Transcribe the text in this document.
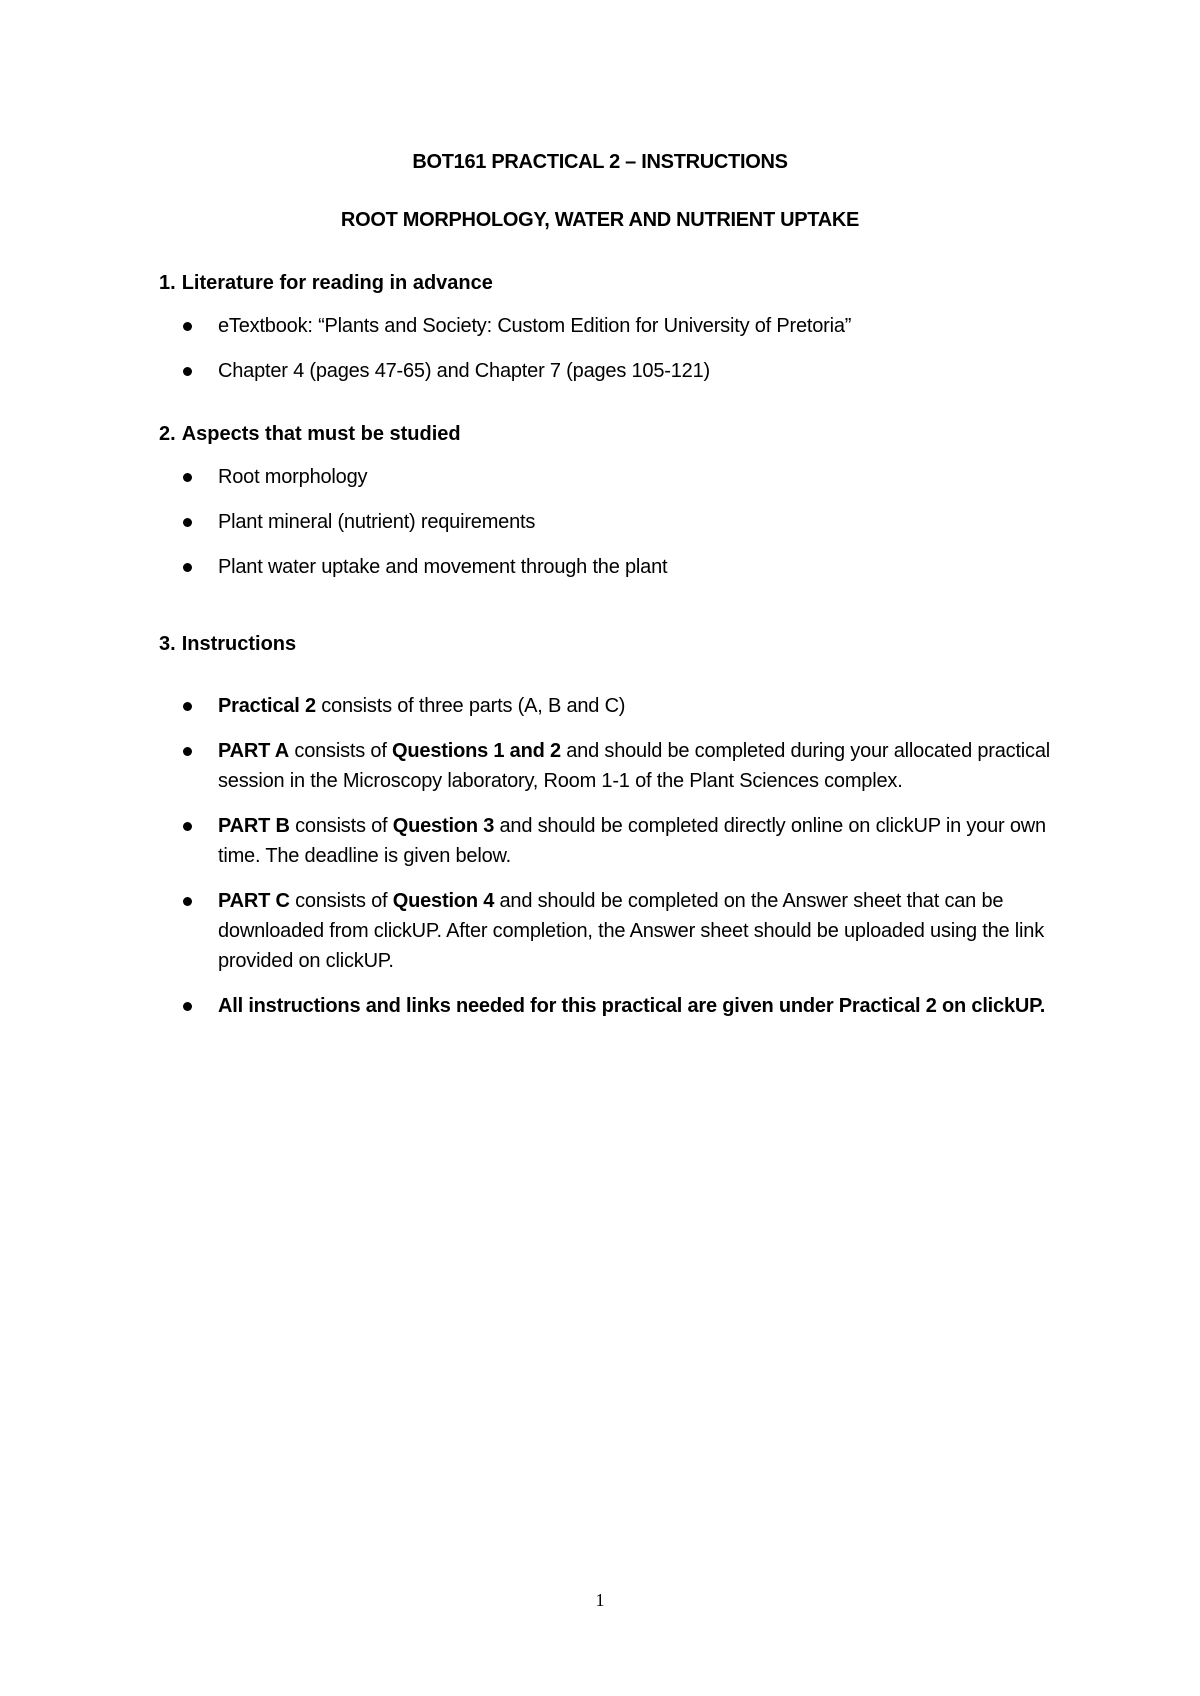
BOT161 PRACTICAL 2 – INSTRUCTIONS
ROOT MORPHOLOGY, WATER AND NUTRIENT UPTAKE

1. Literature for reading in advance

eTextbook: “Plants and Society: Custom Edition for University of Pretoria”
Chapter 4 (pages 47-65) and Chapter 7 (pages 105-121)

2. Aspects that must be studied

Root morphology
Plant mineral (nutrient) requirements
Plant water uptake and movement through the plant

3. Instructions

Practical 2 consists of three parts (A, B and C)
PART A consists of Questions 1 and 2 and should be completed during your allocated practical session in the Microscopy laboratory, Room 1-1 of the Plant Sciences complex.
PART B consists of Question 3 and should be completed directly online on clickUP in your own time. The deadline is given below.
PART C consists of Question 4 and should be completed on the Answer sheet that can be downloaded from clickUP. After completion, the Answer sheet should be uploaded using the link provided on clickUP.
All instructions and links needed for this practical are given under Practical 2 on clickUP.
1
